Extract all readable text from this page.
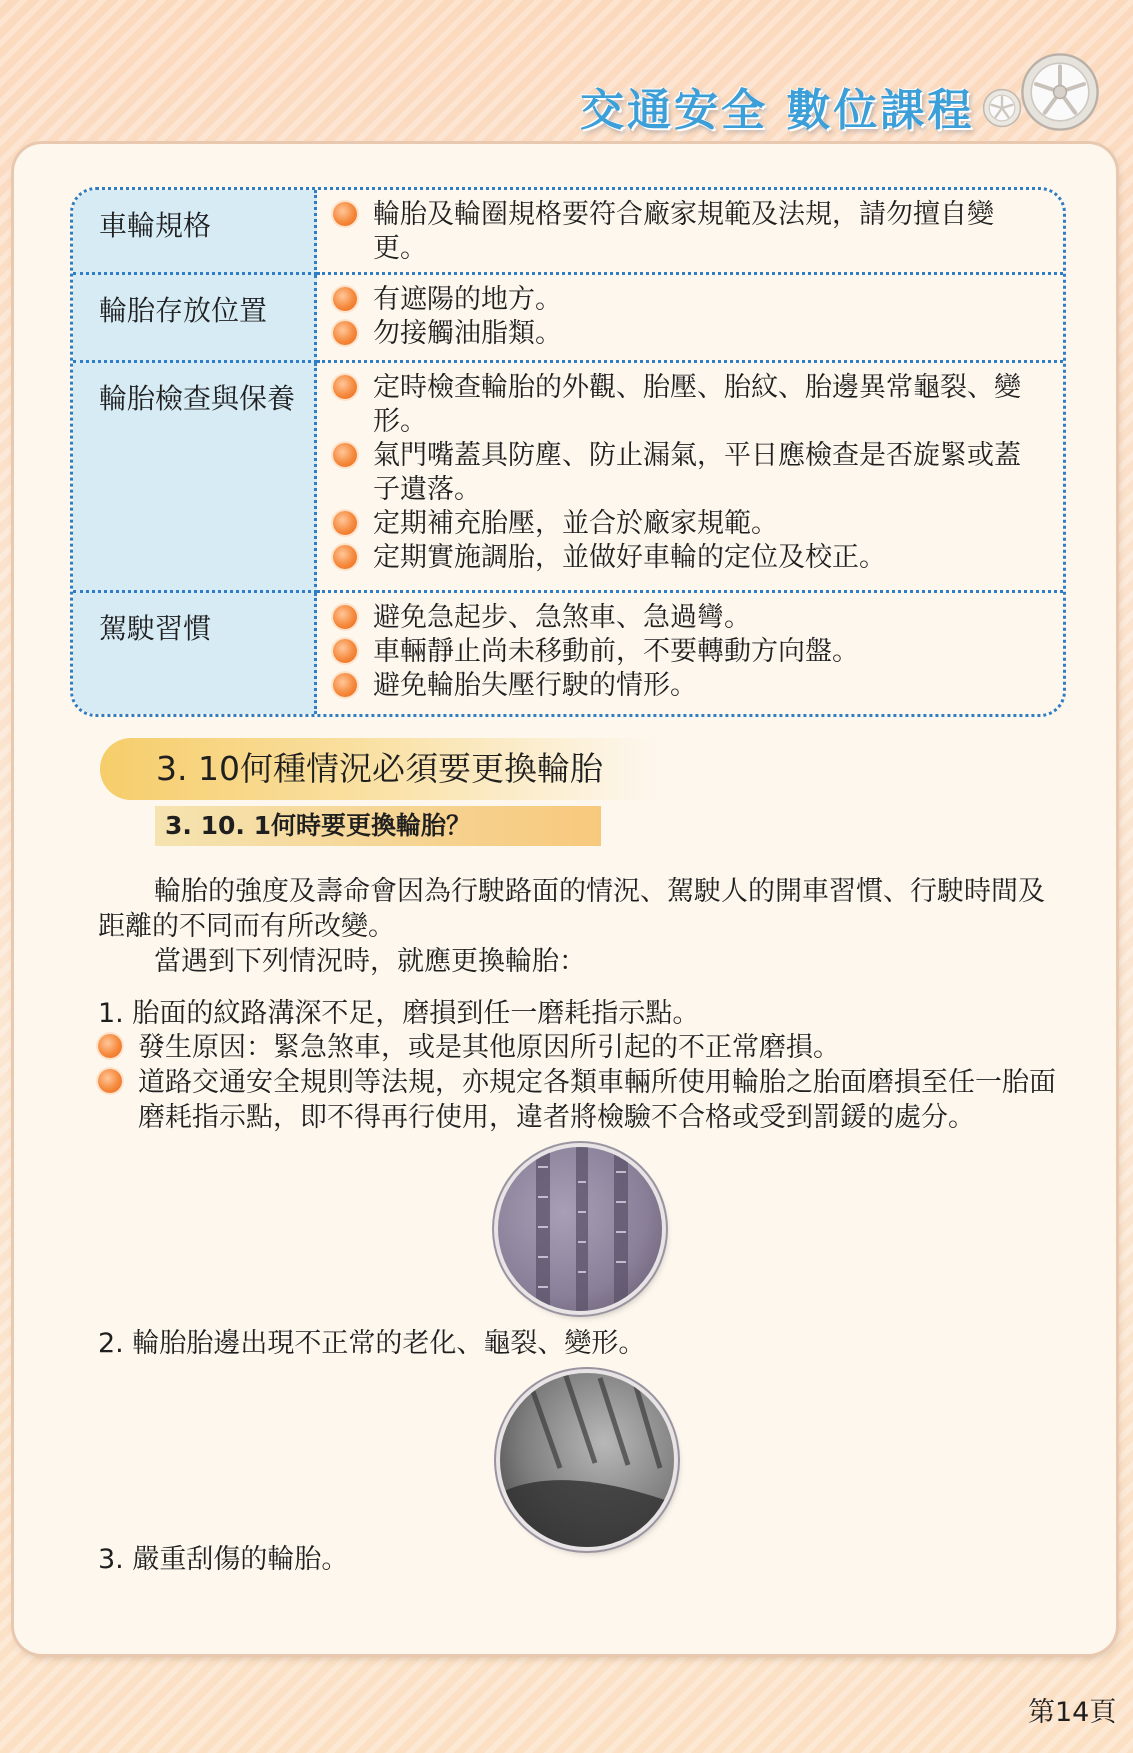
交通安全 數位課程
車輪規格	輪胎及輪圈規格要符合廠家規範及法規，請勿擅自變更。
輪胎存放位置	有遮陽的地方。
勿接觸油脂類。
輪胎檢查與保養	定時檢查輪胎的外觀、胎壓、胎紋、胎邊異常龜裂、變形。
氣門嘴蓋具防塵、防止漏氣，平日應檢查是否旋緊或蓋子遺落。
定期補充胎壓，並合於廠家規範。
定期實施調胎，並做好車輪的定位及校正。
駕駛習慣	避免急起步、急煞車、急過彎。
車輛靜止尚未移動前，不要轉動方向盤。
避免輪胎失壓行駛的情形。
3. 10何種情況必須要更換輪胎
3. 10. 1何時要更換輪胎？

輪胎的強度及壽命會因為行駛路面的情況、駕駛人的開車習慣、行駛時間及距離的不同而有所改變。

當遇到下列情況時，就應更換輪胎：

1. 胎面的紋路溝深不足，磨損到任一磨耗指示點。
發生原因：緊急煞車，或是其他原因所引起的不正常磨損。
道路交通安全規則等法規，亦規定各類車輛所使用輪胎之胎面磨損至任一胎面磨耗指示點，即不得再行使用，違者將檢驗不合格或受到罰鍰的處分。
2. 輪胎胎邊出現不正常的老化、龜裂、變形。
3. 嚴重刮傷的輪胎。
第14頁
